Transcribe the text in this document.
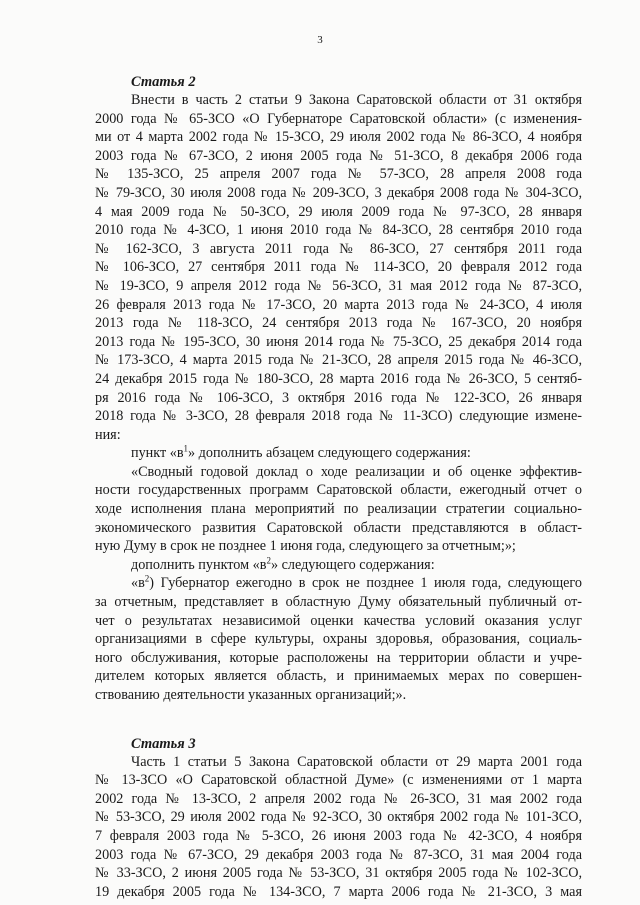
3

Статья 2

Внести в часть 2 статьи 9 Закона Саратовской области от 31 октября
2000 года № 65-ЗСО «О Губернаторе Саратовской области» (с изменения-
ми от 4 марта 2002 года № 15-ЗСО, 29 июля 2002 года № 86-ЗСО, 4 ноября
2003 года № 67-ЗСО, 2 июня 2005 года № 51-ЗСО, 8 декабря 2006 года
№ 135-ЗСО, 25 апреля 2007 года № 57-ЗСО, 28 апреля 2008 года
№ 79-ЗСО, 30 июля 2008 года № 209-ЗСО, 3 декабря 2008 года № 304-ЗСО,
4 мая 2009 года № 50-ЗСО, 29 июля 2009 года № 97-ЗСО, 28 января
2010 года № 4-ЗСО, 1 июня 2010 года № 84-ЗСО, 28 сентября 2010 года
№ 162-ЗСО, 3 августа 2011 года № 86-ЗСО, 27 сентября 2011 года
№ 106-ЗСО, 27 сентября 2011 года № 114-ЗСО, 20 февраля 2012 года
№ 19-ЗСО, 9 апреля 2012 года № 56-ЗСО, 31 мая 2012 года № 87-ЗСО,
26 февраля 2013 года № 17-ЗСО, 20 марта 2013 года № 24-ЗСО, 4 июля
2013 года № 118-ЗСО, 24 сентября 2013 года № 167-ЗСО, 20 ноября
2013 года № 195-ЗСО, 30 июня 2014 года № 75-ЗСО, 25 декабря 2014 года
№ 173-ЗСО, 4 марта 2015 года № 21-ЗСО, 28 апреля 2015 года № 46-ЗСО,
24 декабря 2015 года № 180-ЗСО, 28 марта 2016 года № 26-ЗСО, 5 сентяб-
ря 2016 года № 106-ЗСО, 3 октября 2016 года № 122-ЗСО, 26 января
2018 года № 3-ЗСО, 28 февраля 2018 года № 11-ЗСО) следующие измене-
ния:
пункт «$в^1$» дополнить абзацем следующего содержания:
«Сводный годовой доклад о ходе реализации и об оценке эффектив-
ности государственных программ Саратовской области, ежегодный отчет о
ходе исполнения плана мероприятий по реализации стратегии социально-
экономического развития Саратовской области представляются в област-
ную Думу в срок не позднее 1 июня года, следующего за отчетным;»;
дополнить пунктом «$в^2$» следующего содержания:
«$в^2$) Губернатор ежегодно в срок не позднее 1 июля года, следующего
за отчетным, представляет в областную Думу обязательный публичный от-
чет о результатах независимой оценки качества условий оказания услуг
организациями в сфере культуры, охраны здоровья, образования, социаль-
ного обслуживания, которые расположены на территории области и учре-
дителем которых является область, и принимаемых мерах по совершен-
ствованию деятельности указанных организаций;».

Статья 3

Часть 1 статьи 5 Закона Саратовской области от 29 марта 2001 года
№ 13-ЗСО «О Саратовской областной Думе» (с изменениями от 1 марта
2002 года № 13-ЗСО, 2 апреля 2002 года № 26-ЗСО, 31 мая 2002 года
№ 53-ЗСО, 29 июля 2002 года № 92-ЗСО, 30 октября 2002 года № 101-ЗСО,
7 февраля 2003 года № 5-ЗСО, 26 июня 2003 года № 42-ЗСО, 4 ноября
2003 года № 67-ЗСО, 29 декабря 2003 года № 87-ЗСО, 31 мая 2004 года
№ 33-ЗСО, 2 июня 2005 года № 53-ЗСО, 31 октября 2005 года № 102-ЗСО,
19 декабря 2005 года № 134-ЗСО, 7 марта 2006 года № 21-ЗСО, 3 мая
